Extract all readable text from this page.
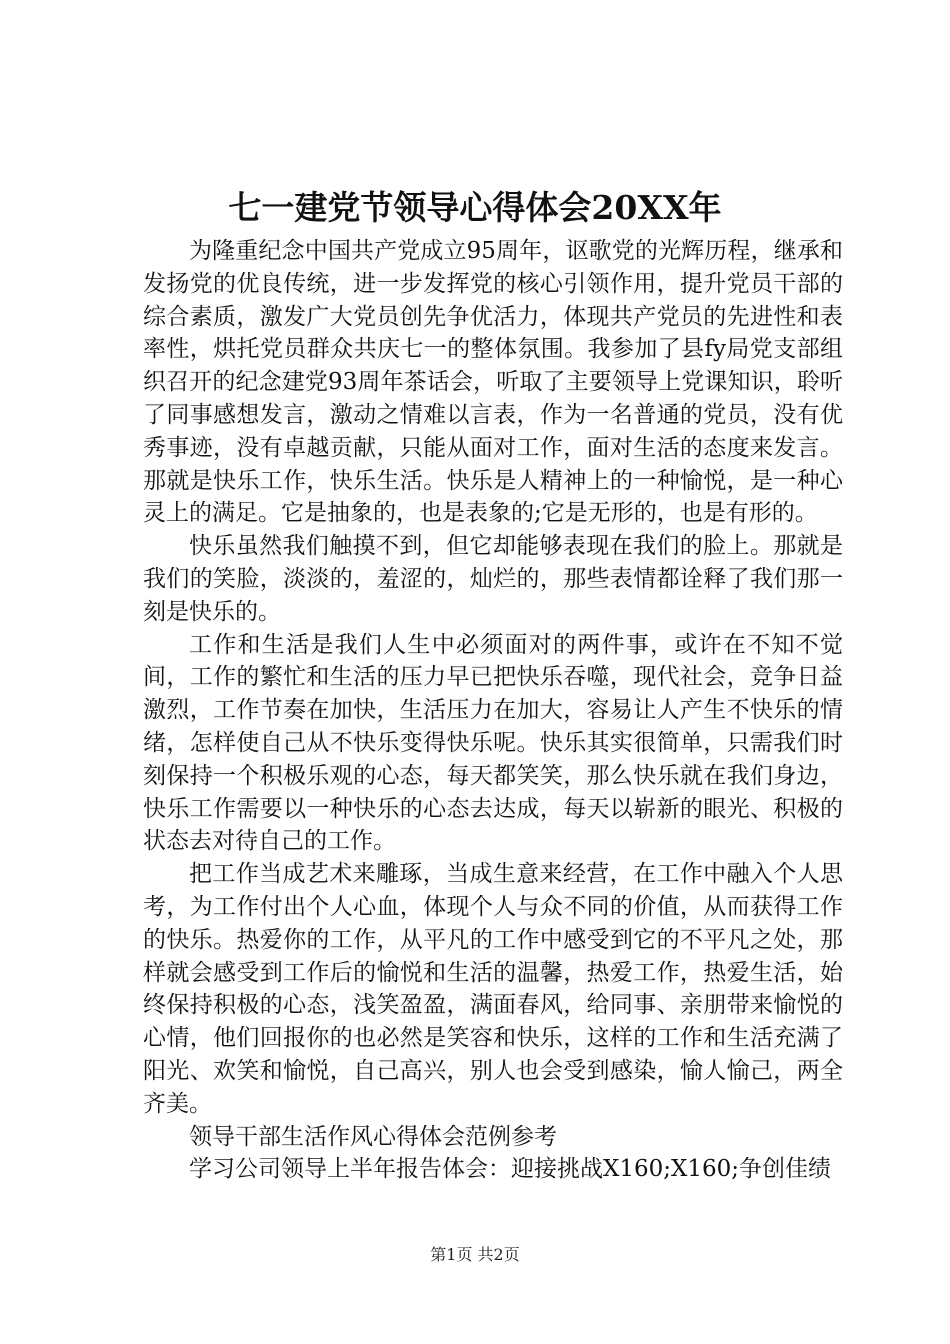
七一建党节领导心得体会20XX年

为隆重纪念中国共产党成立95周年，讴歌党的光辉历程，继承和发扬党的优良传统，进一步发挥党的核心引领作用，提升党员干部的综合素质，激发广大党员创先争优活力，体现共产党员的先进性和表率性，烘托党员群众共庆七一的整体氛围。我参加了县fy局党支部组织召开的纪念建党93周年茶话会，听取了主要领导上党课知识，聆听了同事感想发言，激动之情难以言表，作为一名普通的党员，没有优秀事迹，没有卓越贡献，只能从面对工作，面对生活的态度来发言。那就是快乐工作，快乐生活。快乐是人精神上的一种愉悦，是一种心灵上的满足。它是抽象的，也是表象的;它是无形的，也是有形的。

快乐虽然我们触摸不到，但它却能够表现在我们的脸上。那就是我们的笑脸，淡淡的，羞涩的，灿烂的，那些表情都诠释了我们那一刻是快乐的。

工作和生活是我们人生中必须面对的两件事，或许在不知不觉间，工作的繁忙和生活的压力早已把快乐吞噬，现代社会，竞争日益激烈，工作节奏在加快，生活压力在加大，容易让人产生不快乐的情绪，怎样使自己从不快乐变得快乐呢。快乐其实很简单，只需我们时刻保持一个积极乐观的心态，每天都笑笑，那么快乐就在我们身边，快乐工作需要以一种快乐的心态去达成，每天以崭新的眼光、积极的状态去对待自己的工作。

把工作当成艺术来雕琢，当成生意来经营，在工作中融入个人思考，为工作付出个人心血，体现个人与众不同的价值，从而获得工作的快乐。热爱你的工作，从平凡的工作中感受到它的不平凡之处，那样就会感受到工作后的愉悦和生活的温馨，热爱工作，热爱生活，始终保持积极的心态，浅笑盈盈，满面春风，给同事、亲朋带来愉悦的心情，他们回报你的也必然是笑容和快乐，这样的工作和生活充满了阳光、欢笑和愉悦，自己高兴，别人也会受到感染，愉人愉己，两全齐美。

领导干部生活作风心得体会范例参考

学习公司领导上半年报告体会：迎接挑战X160;X160;争创佳绩

第1页 共2页
